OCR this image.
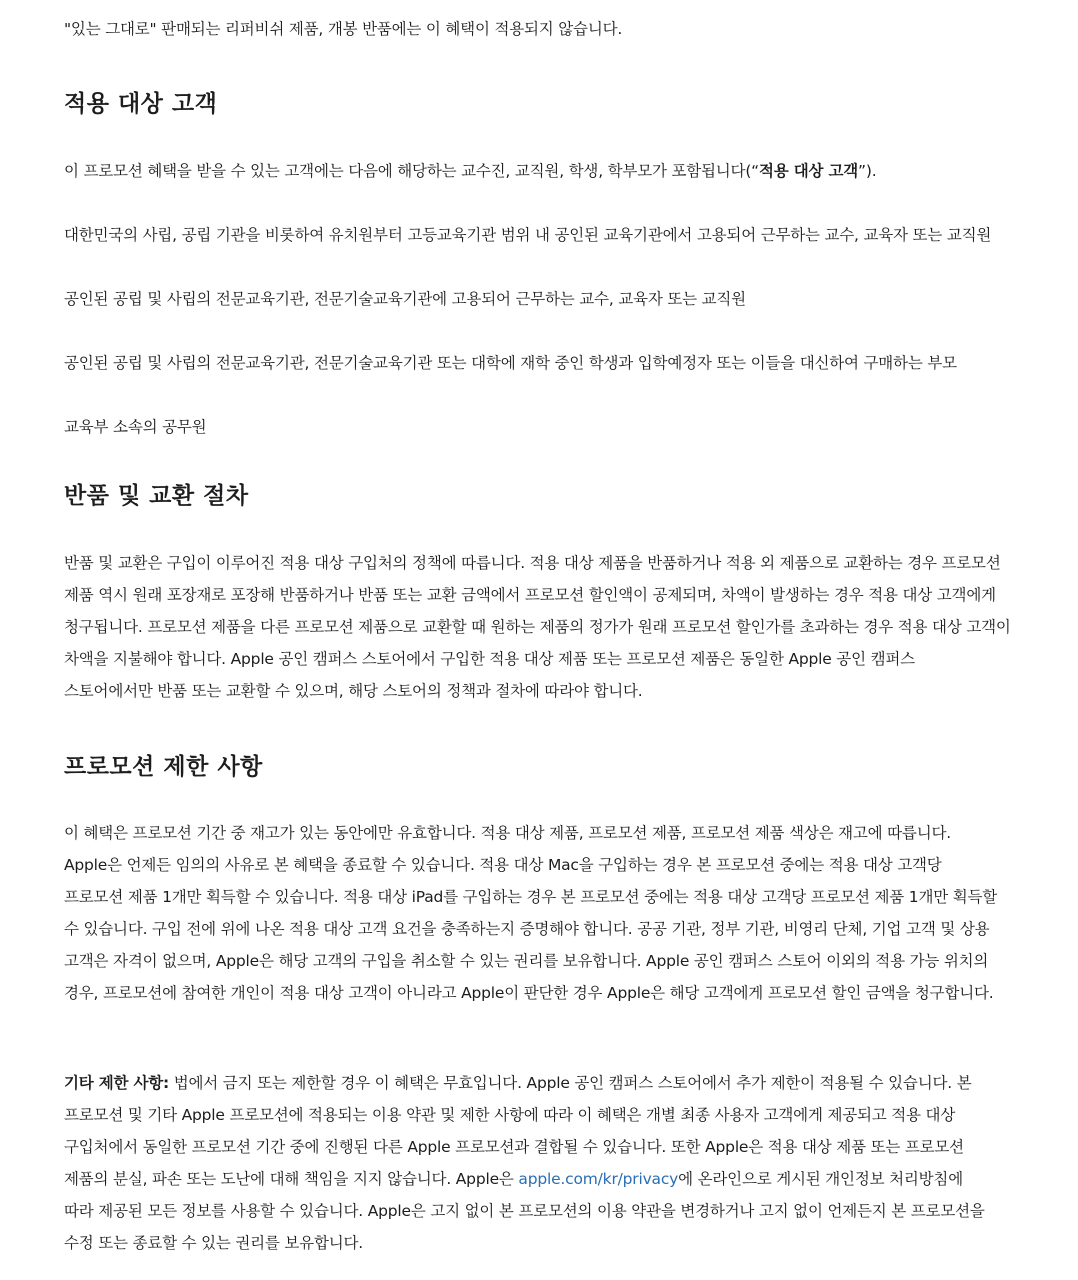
"있는 그대로" 판매되는 리퍼비쉬 제품, 개봉 반품에는 이 혜택이 적용되지 않습니다.

적용 대상 고객

이 프로모션 혜택을 받을 수 있는 고객에는 다음에 해당하는 교수진, 교직원, 학생, 학부모가 포함됩니다(“적용 대상 고객”).

대한민국의 사립, 공립 기관을 비롯하여 유치원부터 고등교육기관 범위 내 공인된 교육기관에서 고용되어 근무하는 교수, 교육자 또는 교직원

공인된 공립 및 사립의 전문교육기관, 전문기술교육기관에 고용되어 근무하는 교수, 교육자 또는 교직원

공인된 공립 및 사립의 전문교육기관, 전문기술교육기관 또는 대학에 재학 중인 학생과 입학예정자 또는 이들을 대신하여 구매하는 부모

교육부 소속의 공무원

반품 및 교환 절차

반품 및 교환은 구입이 이루어진 적용 대상 구입처의 정책에 따릅니다. 적용 대상 제품을 반품하거나 적용 외 제품으로 교환하는 경우 프로모션

제품 역시 원래 포장재로 포장해 반품하거나 반품 또는 교환 금액에서 프로모션 할인액이 공제되며, 차액이 발생하는 경우 적용 대상 고객에게

청구됩니다. 프로모션 제품을 다른 프로모션 제품으로 교환할 때 원하는 제품의 정가가 원래 프로모션 할인가를 초과하는 경우 적용 대상 고객이

차액을 지불해야 합니다. Apple 공인 캠퍼스 스토어에서 구입한 적용 대상 제품 또는 프로모션 제품은 동일한 Apple 공인 캠퍼스

스토어에서만 반품 또는 교환할 수 있으며, 해당 스토어의 정책과 절차에 따라야 합니다.

프로모션 제한 사항

이 혜택은 프로모션 기간 중 재고가 있는 동안에만 유효합니다. 적용 대상 제품, 프로모션 제품, 프로모션 제품 색상은 재고에 따릅니다.

Apple은 언제든 임의의 사유로 본 혜택을 종료할 수 있습니다. 적용 대상 Mac을 구입하는 경우 본 프로모션 중에는 적용 대상 고객당

프로모션 제품 1개만 획득할 수 있습니다. 적용 대상 iPad를 구입하는 경우 본 프로모션 중에는 적용 대상 고객당 프로모션 제품 1개만 획득할

수 있습니다. 구입 전에 위에 나온 적용 대상 고객 요건을 충족하는지 증명해야 합니다. 공공 기관, 정부 기관, 비영리 단체, 기업 고객 및 상용

고객은 자격이 없으며, Apple은 해당 고객의 구입을 취소할 수 있는 권리를 보유합니다. Apple 공인 캠퍼스 스토어 이외의 적용 가능 위치의

경우, 프로모션에 참여한 개인이 적용 대상 고객이 아니라고 Apple이 판단한 경우 Apple은 해당 고객에게 프로모션 할인 금액을 청구합니다.

기타 제한 사항: 법에서 금지 또는 제한할 경우 이 혜택은 무효입니다. Apple 공인 캠퍼스 스토어에서 추가 제한이 적용될 수 있습니다. 본

프로모션 및 기타 Apple 프로모션에 적용되는 이용 약관 및 제한 사항에 따라 이 혜택은 개별 최종 사용자 고객에게 제공되고 적용 대상

구입처에서 동일한 프로모션 기간 중에 진행된 다른 Apple 프로모션과 결합될 수 있습니다. 또한 Apple은 적용 대상 제품 또는 프로모션

제품의 분실, 파손 또는 도난에 대해 책임을 지지 않습니다. Apple은 apple.com/kr/privacy에 온라인으로 게시된 개인정보 처리방침에

따라 제공된 모든 정보를 사용할 수 있습니다. Apple은 고지 없이 본 프로모션의 이용 약관을 변경하거나 고지 없이 언제든지 본 프로모션을

수정 또는 종료할 수 있는 권리를 보유합니다.
